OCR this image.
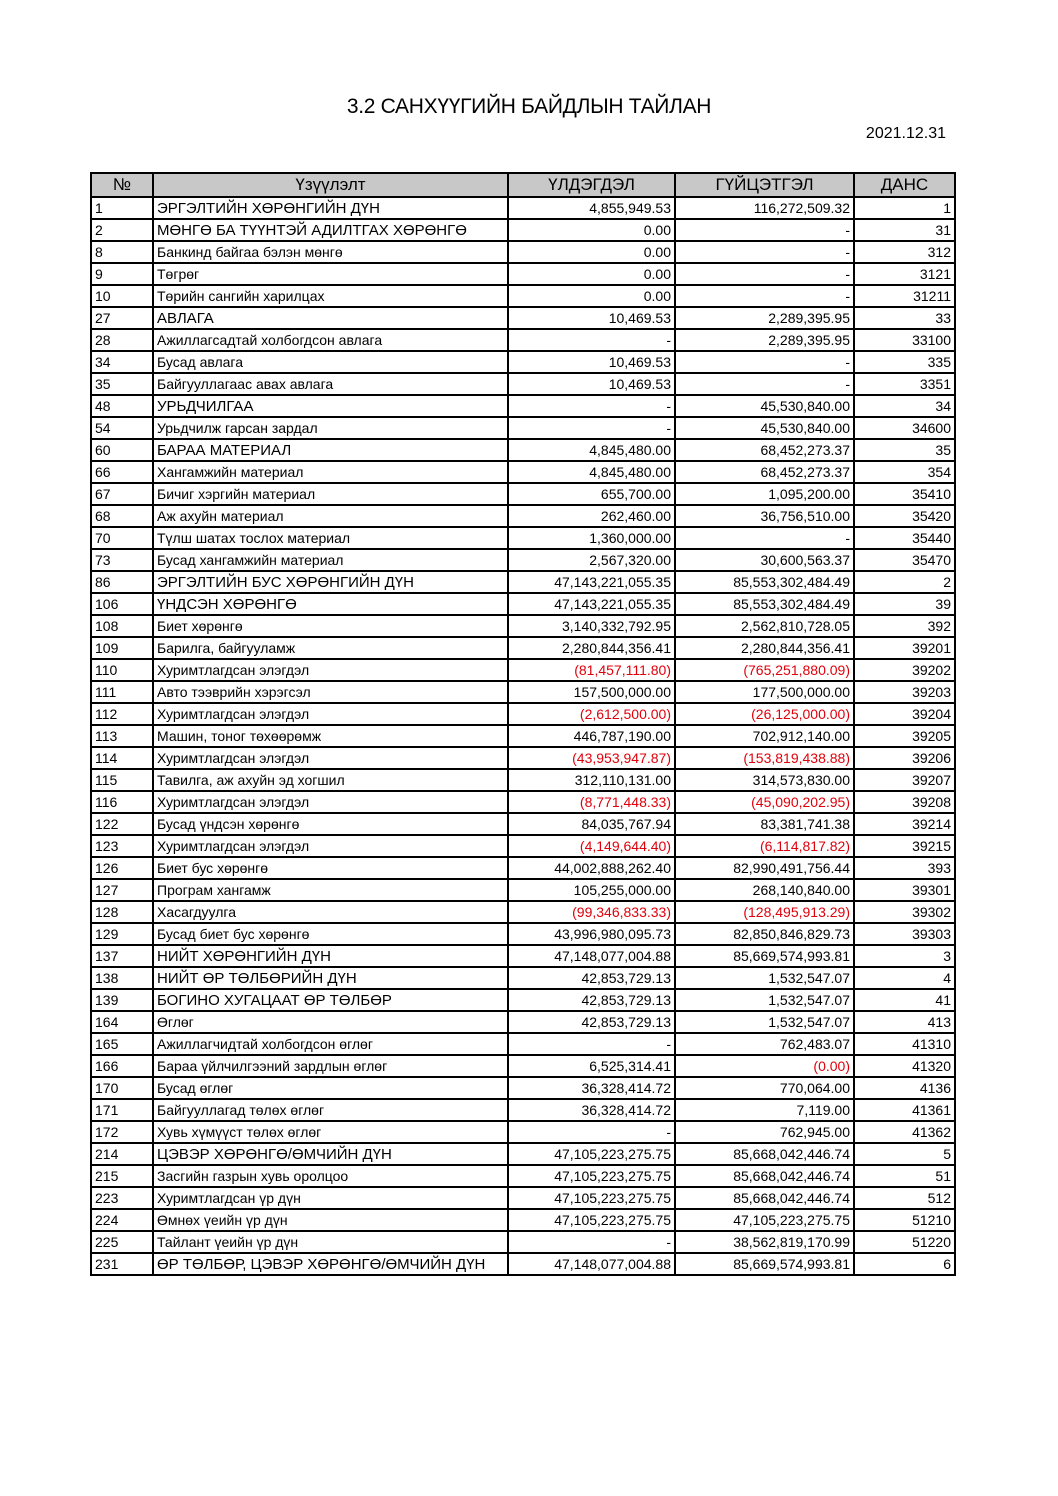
3.2 САНХҮҮГИЙН БАЙДЛЫН ТАЙЛАН
2021.12.31
№	Үзүүлэлт	ҮЛДЭГДЭЛ	ГҮЙЦЭТГЭЛ	ДАНС
1	ЭРГЭЛТИЙН ХӨРӨНГИЙН ДҮН	4,855,949.53	116,272,509.32	1
2	МӨНГӨ БА ТҮҮНТЭЙ АДИЛТГАХ ХӨРӨНГӨ	0.00	-	31
8	Банкинд байгаа бэлэн мөнгө	0.00	-	312
9	Төгрөг	0.00	-	3121
10	Төрийн сангийн харилцах	0.00	-	31211
27	АВЛАГА	10,469.53	2,289,395.95	33
28	Ажиллагсадтай холбогдсон авлага	-	2,289,395.95	33100
34	Бусад авлага	10,469.53	-	335
35	Байгууллагаас авах авлага	10,469.53	-	3351
48	УРЬДЧИЛГАА	-	45,530,840.00	34
54	Урьдчилж гарсан зардал	-	45,530,840.00	34600
60	БАРАА МАТЕРИАЛ	4,845,480.00	68,452,273.37	35
66	Хангамжийн материал	4,845,480.00	68,452,273.37	354
67	Бичиг хэргийн материал	655,700.00	1,095,200.00	35410
68	Аж ахуйн материал	262,460.00	36,756,510.00	35420
70	Түлш шатах тослох материал	1,360,000.00	-	35440
73	Бусад хангамжийн материал	2,567,320.00	30,600,563.37	35470
86	ЭРГЭЛТИЙН БУС ХӨРӨНГИЙН ДҮН	47,143,221,055.35	85,553,302,484.49	2
106	ҮНДСЭН ХӨРӨНГӨ	47,143,221,055.35	85,553,302,484.49	39
108	Биет хөрөнгө	3,140,332,792.95	2,562,810,728.05	392
109	Барилга, байгууламж	2,280,844,356.41	2,280,844,356.41	39201
110	Хуримтлагдсан элэгдэл	(81,457,111.80)	(765,251,880.09)	39202
111	Авто тээврийн хэрэгсэл	157,500,000.00	177,500,000.00	39203
112	Хуримтлагдсан элэгдэл	(2,612,500.00)	(26,125,000.00)	39204
113	Машин, тоног төхөөрөмж	446,787,190.00	702,912,140.00	39205
114	Хуримтлагдсан элэгдэл	(43,953,947.87)	(153,819,438.88)	39206
115	Тавилга, аж ахуйн эд хогшил	312,110,131.00	314,573,830.00	39207
116	Хуримтлагдсан элэгдэл	(8,771,448.33)	(45,090,202.95)	39208
122	Бусад үндсэн хөрөнгө	84,035,767.94	83,381,741.38	39214
123	Хуримтлагдсан элэгдэл	(4,149,644.40)	(6,114,817.82)	39215
126	Биет бус хөрөнгө	44,002,888,262.40	82,990,491,756.44	393
127	Програм хангамж	105,255,000.00	268,140,840.00	39301
128	Хасагдуулга	(99,346,833.33)	(128,495,913.29)	39302
129	Бусад биет бус хөрөнгө	43,996,980,095.73	82,850,846,829.73	39303
137	НИЙТ ХӨРӨНГИЙН ДҮН	47,148,077,004.88	85,669,574,993.81	3
138	НИЙТ ӨР ТӨЛБӨРИЙН ДҮН	42,853,729.13	1,532,547.07	4
139	БОГИНО ХУГАЦААТ ӨР ТӨЛБӨР	42,853,729.13	1,532,547.07	41
164	Өглөг	42,853,729.13	1,532,547.07	413
165	Ажиллагчидтай холбогдсон өглөг	-	762,483.07	41310
166	Бараа үйлчилгээний зардлын өглөг	6,525,314.41	(0.00)	41320
170	Бусад өглөг	36,328,414.72	770,064.00	4136
171	Байгууллагад төлөх өглөг	36,328,414.72	7,119.00	41361
172	Хувь хүмүүст төлөх өглөг	-	762,945.00	41362
214	ЦЭВЭР ХӨРӨНГӨ/ӨМЧИЙН ДҮН	47,105,223,275.75	85,668,042,446.74	5
215	Засгийн газрын хувь оролцоо	47,105,223,275.75	85,668,042,446.74	51
223	Хуримтлагдсан үр дүн	47,105,223,275.75	85,668,042,446.74	512
224	Өмнөх үеийн үр дүн	47,105,223,275.75	47,105,223,275.75	51210
225	Тайлант үеийн үр дүн	-	38,562,819,170.99	51220
231	ӨР ТӨЛБӨР, ЦЭВЭР ХӨРӨНГӨ/ӨМЧИЙН ДҮН	47,148,077,004.88	85,669,574,993.81	6
